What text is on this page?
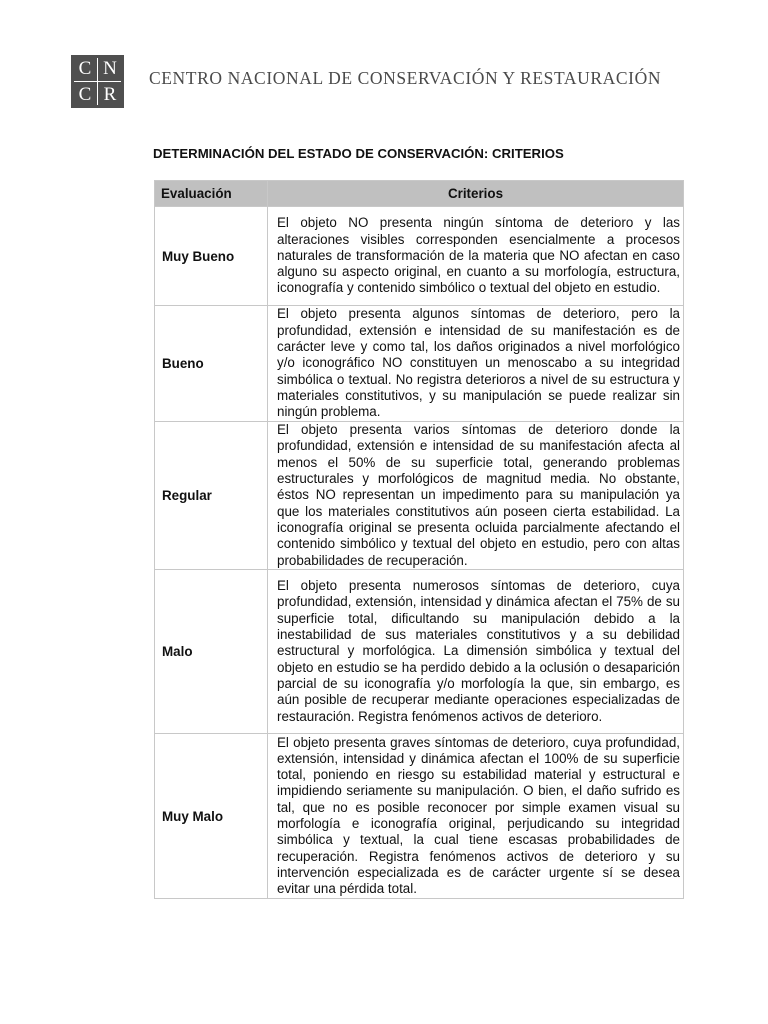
C N
C R
CENTRO NACIONAL DE CONSERVACIÓN Y RESTAURACIÓN
DETERMINACIÓN DEL ESTADO DE CONSERVACIÓN: CRITERIOS
Evaluación	Criterios
Muy Bueno	El objeto NO presenta ningún síntoma de deterioro y las alteraciones visibles corresponden esencialmente a procesos naturales de transformación de la materia que NO afectan en caso alguno su aspecto original, en cuanto a su morfología, estructura, iconografía y contenido simbólico o textual del objeto en estudio.
Bueno	El objeto presenta algunos síntomas de deterioro, pero la profundidad, extensión e intensidad de su manifestación es de carácter leve y como tal, los daños originados a nivel morfológico y/o iconográfico NO constituyen un menoscabo a su integridad simbólica o textual. No registra deterioros a nivel de su estructura y materiales constitutivos, y su manipulación se puede realizar sin ningún problema.
Regular	El objeto presenta varios síntomas de deterioro donde la profundidad, extensión e intensidad de su manifestación afecta al menos el 50% de su superficie total, generando problemas estructurales y morfológicos de magnitud media. No obstante, éstos NO representan un impedimento para su manipulación ya que los materiales constitutivos aún poseen cierta estabilidad. La iconografía original se presenta ocluida parcialmente afectando el contenido simbólico y textual del objeto en estudio, pero con altas probabilidades de recuperación.
Malo	El objeto presenta numerosos síntomas de deterioro, cuya profundidad, extensión, intensidad y dinámica afectan el 75% de su superficie total, dificultando su manipulación debido a la inestabilidad de sus materiales constitutivos y a su debilidad estructural y morfológica. La dimensión simbólica y textual del objeto en estudio se ha perdido debido a la oclusión o desaparición parcial de su iconografía y/o morfología la que, sin embargo, es aún posible de recuperar mediante operaciones especializadas de restauración. Registra fenómenos activos de deterioro.
Muy Malo	El objeto presenta graves síntomas de deterioro, cuya profundidad, extensión, intensidad y dinámica afectan el 100% de su superficie total, poniendo en riesgo su estabilidad material y estructural e impidiendo seriamente su manipulación. O bien, el daño sufrido es tal, que no es posible reconocer por simple examen visual su morfología e iconografía original, perjudicando su integridad simbólica y textual, la cual tiene escasas probabilidades de recuperación. Registra fenómenos activos de deterioro y su intervención especializada es de carácter urgente sí se desea evitar una pérdida total.
